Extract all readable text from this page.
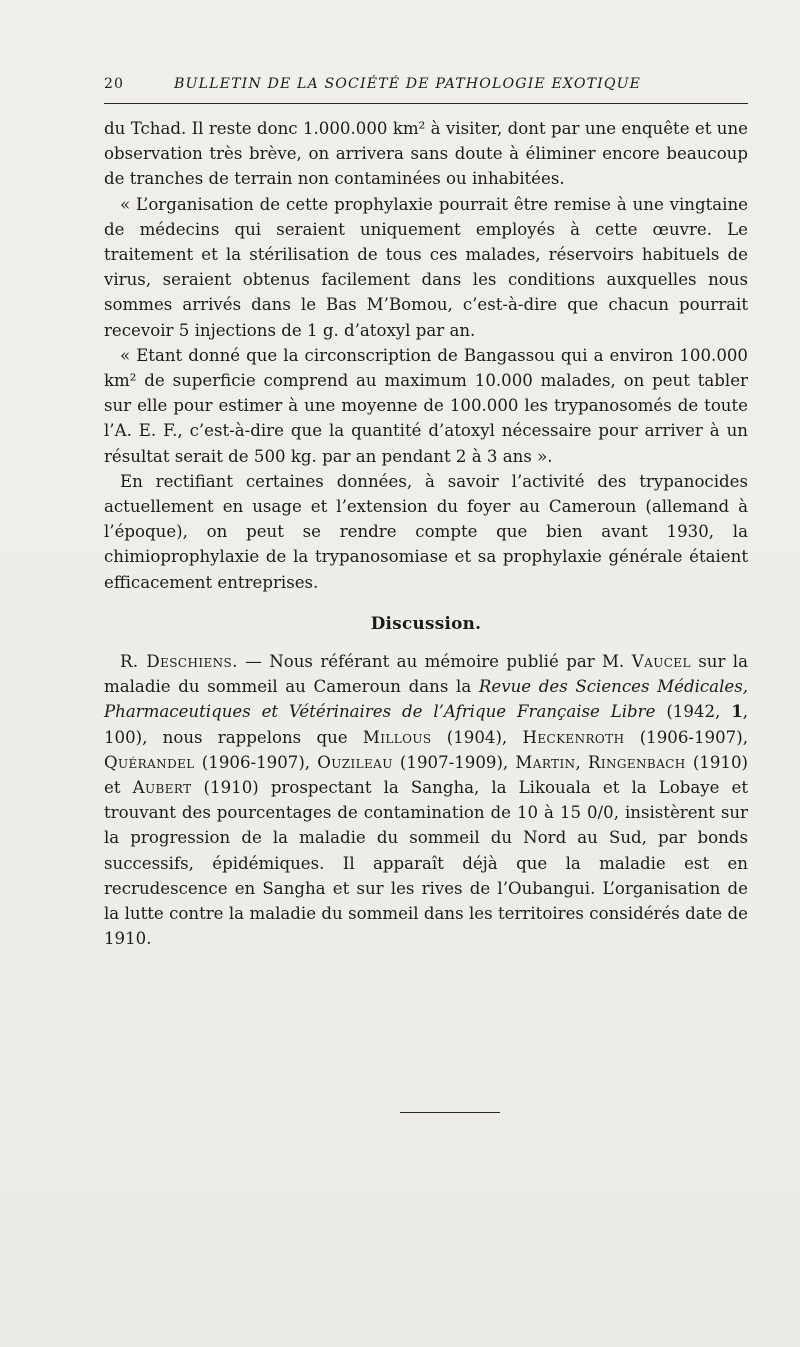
20	BULLETIN DE LA SOCIÉTÉ DE PATHOLOGIE EXOTIQUE

du Tchad. Il reste donc 1.000.000 km² à visiter, dont par une enquête et une observation très brève, on arrivera sans doute à éliminer encore beaucoup de tranches de terrain non contaminées ou inhabitées.

« L’organisation de cette prophylaxie pourrait être remise à une vingtaine de médecins qui seraient uniquement employés à cette œuvre. Le traitement et la stérilisation de tous ces malades, réservoirs habituels de virus, seraient obtenus facilement dans les conditions auxquelles nous sommes arrivés dans le Bas M’Bomou, c’est-à-dire que chacun pourrait recevoir 5 injections de 1 g. d’atoxyl par an.

« Etant donné que la circonscription de Bangassou qui a environ 100.000 km² de superficie comprend au maximum 10.000 malades, on peut tabler sur elle pour estimer à une moyenne de 100.000 les trypanosomés de toute l’A. E. F., c’est-à-dire que la quantité d’atoxyl nécessaire pour arriver à un résultat serait de 500 kg. par an pendant 2 à 3 ans ».

En rectifiant certaines données, à savoir l’activité des trypanocides actuellement en usage et l’extension du foyer au Cameroun (allemand à l’époque), on peut se rendre compte que bien avant 1930, la chimioprophylaxie de la trypanosomiase et sa prophylaxie générale étaient efficacement entreprises.

Discussion.

R. Deschiens. — Nous référant au mémoire publié par M. Vaucel sur la maladie du sommeil au Cameroun dans la Revue des Sciences Médicales, Pharmaceutiques et Vétérinaires de l’Afrique Française Libre (1942, 1, 100), nous rappelons que Millous (1904), Heckenroth (1906-1907), Quérandel (1906-1907), Ouzileau (1907-1909), Martin, Ringenbach (1910) et Aubert (1910) prospectant la Sangha, la Likouala et la Lobaye et trouvant des pourcentages de contamination de 10 à 15 0/0, insistèrent sur la progression de la maladie du sommeil du Nord au Sud, par bonds successifs, épidémiques. Il apparaît déjà que la maladie est en recrudescence en Sangha et sur les rives de l’Oubangui. L’organisation de la lutte contre la maladie du sommeil dans les territoires considérés date de 1910.
